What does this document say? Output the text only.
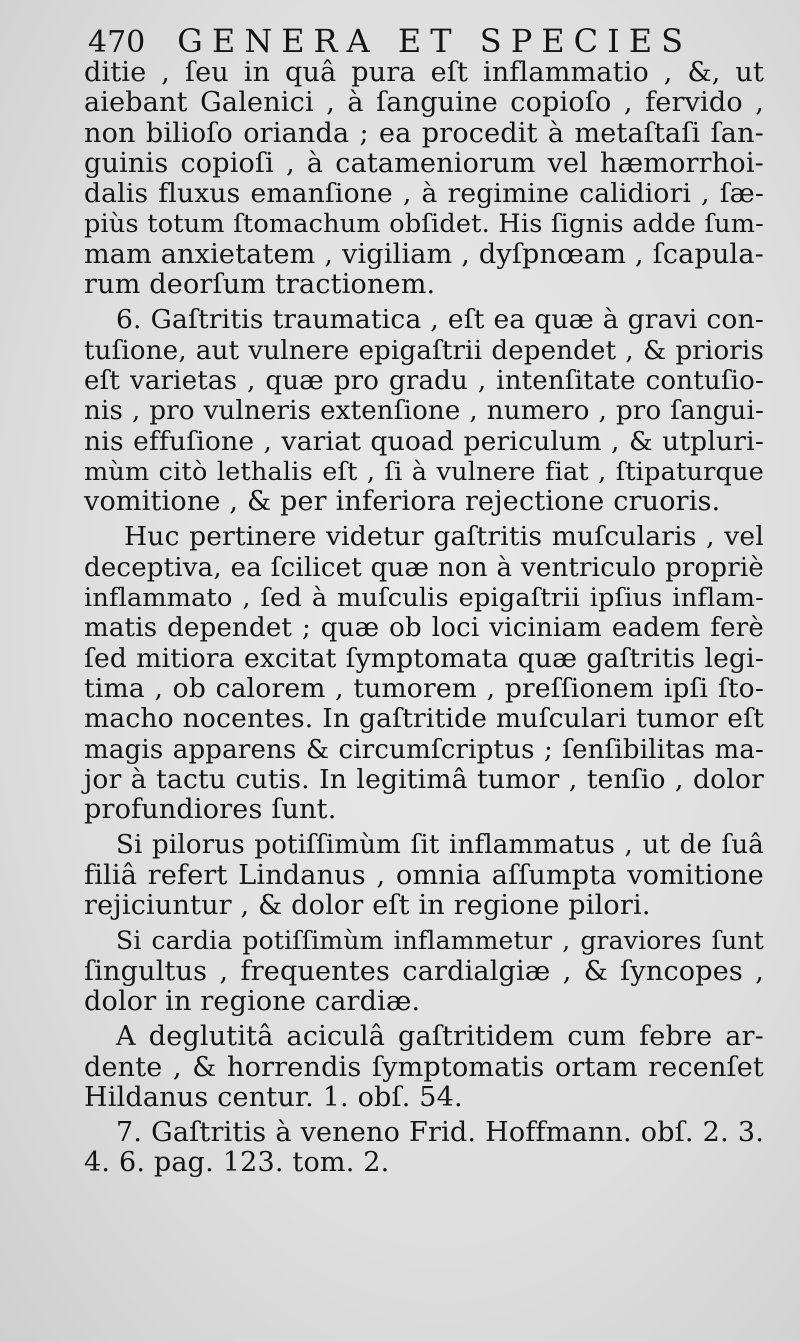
470 GENERA ET SPECIES
ditie , ſeu in quâ pura eſt inflammatio , &, ut
aiebant Galenici , à ſanguine copioſo , fervido ,
non bilioſo orianda ; ea procedit à metaſtaſi ſan-
guinis copioſi , à catameniorum vel hæmorrhoi-
dalis fluxus emanſione , à regimine calidiori , ſæ-
piùs totum ſtomachum obſidet. His ſignis adde ſum-
mam anxietatem , vigiliam , dyſpnœam , ſcapula-
rum deorſum tractionem.
6. Gaſtritis traumatica , eſt ea quæ à gravi con-
tuſione, aut vulnere epigaſtrii dependet , & prioris
eſt varietas , quæ pro gradu , intenſitate contuſio-
nis , pro vulneris extenſione , numero , pro ſangui-
nis effuſione , variat quoad periculum , & utpluri-
mùm citò lethalis eſt , ſi à vulnere fiat , ſtipaturque
vomitione , & per inferiora rejectione cruoris.
Huc pertinere videtur gaſtritis muſcularis , vel
deceptiva, ea ſcilicet quæ non à ventriculo propriè
inflammato , ſed à muſculis epigaſtrii ipſius inflam-
matis dependet ; quæ ob loci viciniam eadem ferè
ſed mitiora excitat ſymptomata quæ gaſtritis legi-
tima , ob calorem , tumorem , preſſionem ipſi ſto-
macho nocentes. In gaſtritide muſculari tumor eſt
magis apparens & circumſcriptus ; ſenſibilitas ma-
jor à tactu cutis. In legitimâ tumor , tenſio , dolor
profundiores ſunt.
Si pilorus potiſſimùm ſit inflammatus , ut de ſuâ
filiâ refert Lindanus , omnia aſſumpta vomitione
rejiciuntur , & dolor eſt in regione pilori.
Si cardia potiſſimùm inflammetur , graviores ſunt
ſingultus , frequentes cardialgiæ , & ſyncopes ,
dolor in regione cardiæ.
A deglutitâ aciculâ gaſtritidem cum febre ar-
dente , & horrendis ſymptomatis ortam recenſet
Hildanus centur. 1. obſ. 54.
7. Gaſtritis à veneno Frid. Hoffmann. obſ. 2. 3.
4. 6. pag. 123. tom. 2.
